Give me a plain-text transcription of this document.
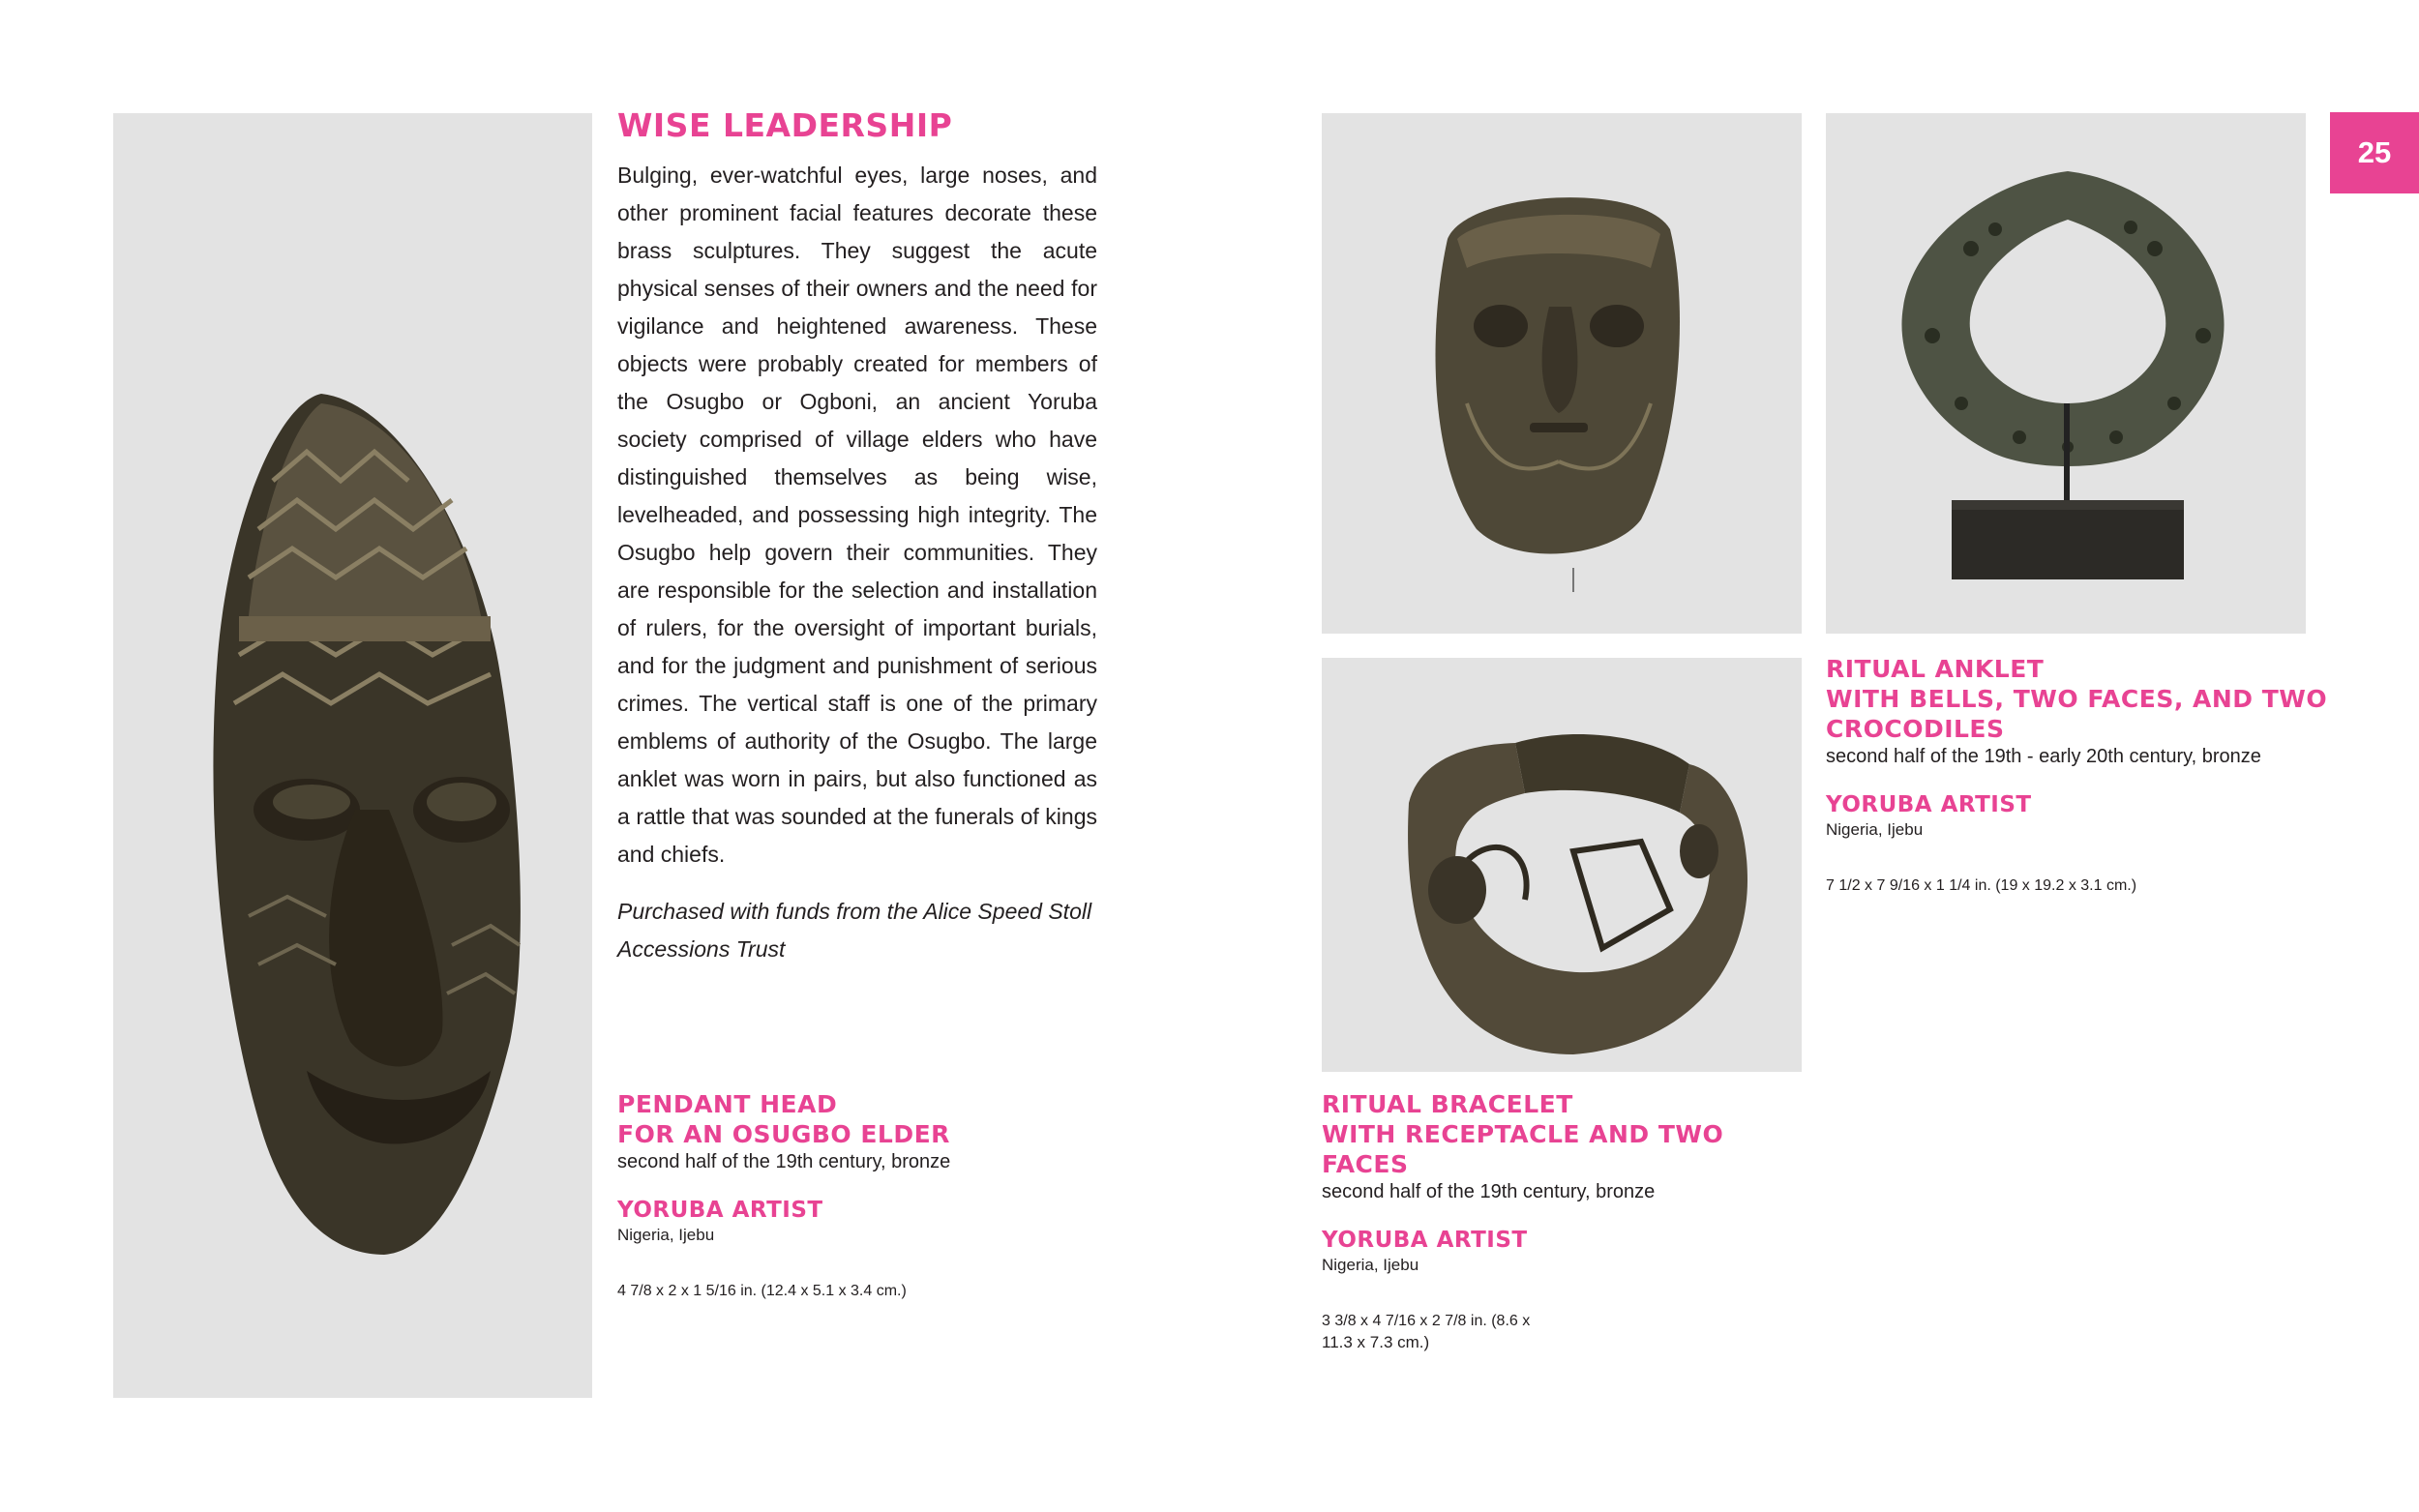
25
WISE LEADERSHIP

Bulging, ever-watchful eyes, large noses, and other prominent facial features decorate these brass sculptures. They suggest the acute physical senses of their owners and the need for vigilance and heightened awareness. These objects were probably created for members of the Osugbo or Ogboni, an ancient Yoruba society comprised of village elders who have distinguished themselves as being wise, levelheaded, and possessing high integrity. The Osugbo help govern their communities. They are responsible for the selection and installation of rulers, for the oversight of important burials, and for the judgment and punishment of serious crimes. The vertical staff is one of the primary emblems of authority of the Osugbo. The large anklet was worn in pairs, but also functioned as a rattle that was sounded at the funerals of kings and chiefs.

Purchased with funds from the Alice Speed Stoll Accessions Trust

PENDANT HEAD
FOR AN OSUGBO ELDER
second half of the 19th century, bronze
YORUBA ARTIST
Nigeria, Ijebu
4 7/8 x 2 x 1 5/16 in. (12.4 x 5.1 x 3.4 cm.)
RITUAL BRACELET
WITH RECEPTACLE AND TWO FACES
second half of the 19th century, bronze
YORUBA ARTIST
Nigeria, Ijebu
3 3/8 x 4 7/16 x 2 7/8 in. (8.6 x
11.3 x 7.3 cm.)
RITUAL ANKLET
WITH BELLS, TWO FACES, AND TWO
CROCODILES
second half of the 19th - early 20th century, bronze
YORUBA ARTIST
Nigeria, Ijebu
7 1/2 x 7 9/16 x 1 1/4 in. (19 x 19.2 x 3.1 cm.)
